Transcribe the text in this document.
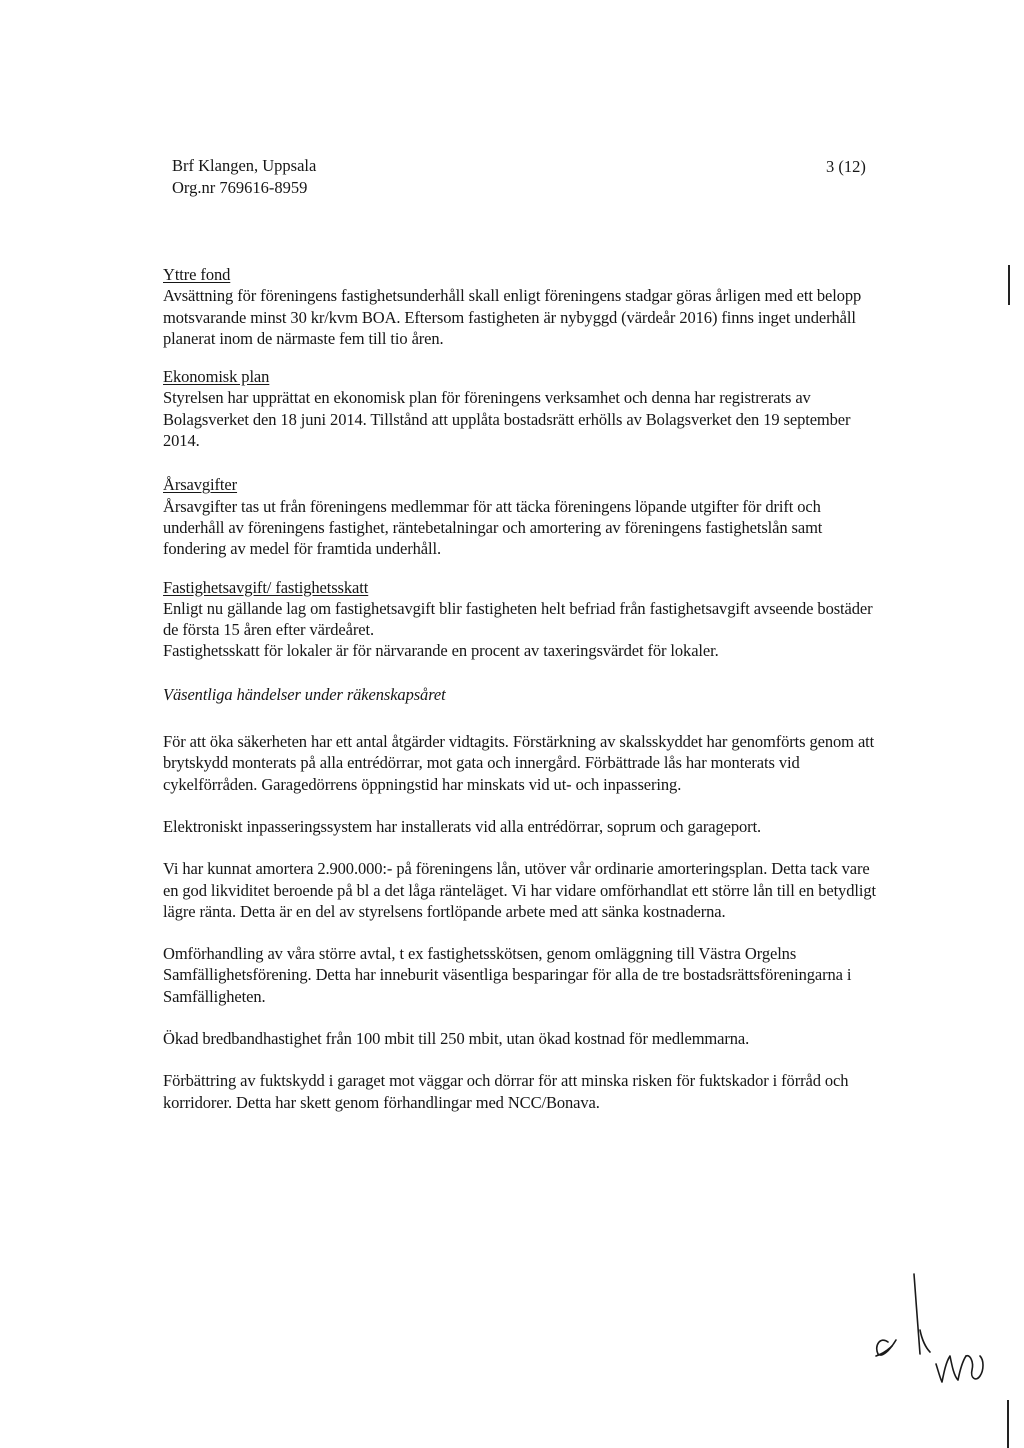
Brf Klangen, Uppsala
Org.nr 769616-8959
3 (12)
Yttre fond

Avsättning för föreningens fastighetsunderhåll skall enligt föreningens stadgar göras årligen med ett belopp motsvarande minst 30 kr/kvm BOA. Eftersom fastigheten är nybyggd (värdeår 2016) finns inget underhåll planerat inom de närmaste fem till tio åren.

Ekonomisk plan

Styrelsen har upprättat en ekonomisk plan för föreningens verksamhet och denna har registrerats av Bolagsverket den 18 juni 2014. Tillstånd att upplåta bostadsrätt erhölls av Bolagsverket den 19 september 2014.

Årsavgifter

Årsavgifter tas ut från föreningens medlemmar för att täcka föreningens löpande utgifter för drift och underhåll av föreningens fastighet, räntebetalningar och amortering av föreningens fastighetslån samt fondering av medel för framtida underhåll.

Fastighetsavgift/ fastighetsskatt

Enligt nu gällande lag om fastighetsavgift blir fastigheten helt befriad från fastighetsavgift avseende bostäder de första 15 åren efter värdeåret.

Fastighetsskatt för lokaler är för närvarande en procent av taxeringsvärdet för lokaler.

Väsentliga händelser under räkenskapsåret

För att öka säkerheten har ett antal åtgärder vidtagits. Förstärkning av skalsskyddet har genomförts genom att brytskydd monterats på alla entrédörrar, mot gata och innergård. Förbättrade lås har monterats vid cykelförråden. Garagedörrens öppningstid har minskats vid ut- och inpassering.

Elektroniskt inpasseringssystem har installerats vid alla entrédörrar, soprum och garageport.

Vi har kunnat amortera 2.900.000:- på föreningens lån, utöver vår ordinarie amorteringsplan. Detta tack vare en god likviditet beroende på bl a det låga ränteläget. Vi har vidare omförhandlat ett större lån till en betydligt lägre ränta. Detta är en del av styrelsens fortlöpande arbete med att sänka kostnaderna.

Omförhandling av våra större avtal, t ex fastighetsskötsen, genom omläggning till Västra Orgelns Samfällighetsförening. Detta har inneburit väsentliga besparingar för alla de tre bostadsrättsföreningarna i Samfälligheten.

Ökad bredbandhastighet från 100 mbit till 250 mbit, utan ökad kostnad för medlemmarna.

Förbättring av fuktskydd i garaget mot väggar och dörrar för att minska risken för fuktskador i förråd och korridorer. Detta har skett genom förhandlingar med NCC/Bonava.
